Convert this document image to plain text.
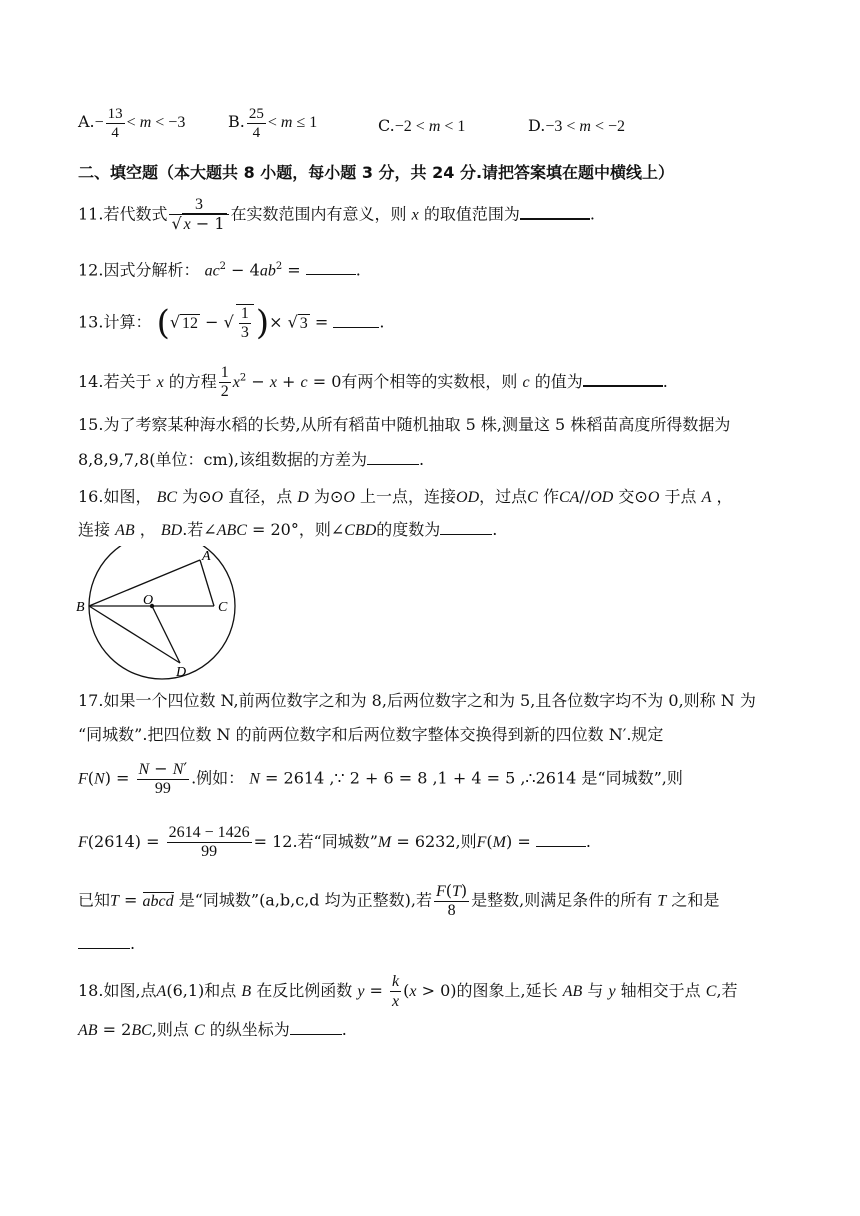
$A.- \frac{13}{4} < m < -3$	B. $\frac{25}{4} < m \le 1$	C.−2 < m < 1	D.−3 < m < −2
二、填空题（本大题共 8 小题，每小题 3 分，共 24 分.请把答案填在题中横线上）
11.若代数式 $\frac{3}{√ x - 1}$ 在实数范围内有意义，则 x 的取值范围为	.
12.因式分解析： $ac^2 - 4ab^2$ =	.
13.计算： (√ 12 − √ $\frac{1}{3}$ )× √ 3 =	.
14.若关于 x 的方程 $\frac{1}{2} x^2 - x + c = 0$有两个相等的实数根，则 c 的值为	.
15.为了考察某种海水稻的长势,从所有稻苗中随机抽取 5 株,测量这 5 株稻苗高度所得数据为
8,8,9,7,8(单位：cm),该组数据的方差为	.
16.如图， BC 为⊙O 直径，点 D 为⊙O 上一点，连接OD，过点C 作CA//OD 交⊙O 于点 A ，
连接 AB ， BD.若∠ABC = 20°，则∠CBD的度数为	.
A
B	O	C
D
17.如果一个四位数 N,前两位数字之和为 8,后两位数字之和为 5,且各位数字均不为 0,则称 N 为
“同城数”.把四位数 N 的前两位数字和后两位数字整体交换得到新的四位数 N′.规定
$F(N) = \frac{N - N'}{99}$ .例如： N = 2614 ,∵ 2 + 6 = 8 ,1 + 4 = 5 ,∴2614 是“同城数”,则
$F(2614) = \frac{2614 - 1426}{99} = 12$.若“同城数”M = 6232,则F(M) =	.
已知T = abcd 是“同城数”(a,b,c,d 均为正整数),若 $\frac{F(T)}{8}$ 是整数,则满足条件的所有 T 之和是
.
18.如图,点A(6,1)和点 B 在反比例函数 $y = \frac{k}{x} (x > 0)$的图象上,延长 AB 与 y 轴相交于点 C,若
AB = 2BC,则点 C 的纵坐标为	.
